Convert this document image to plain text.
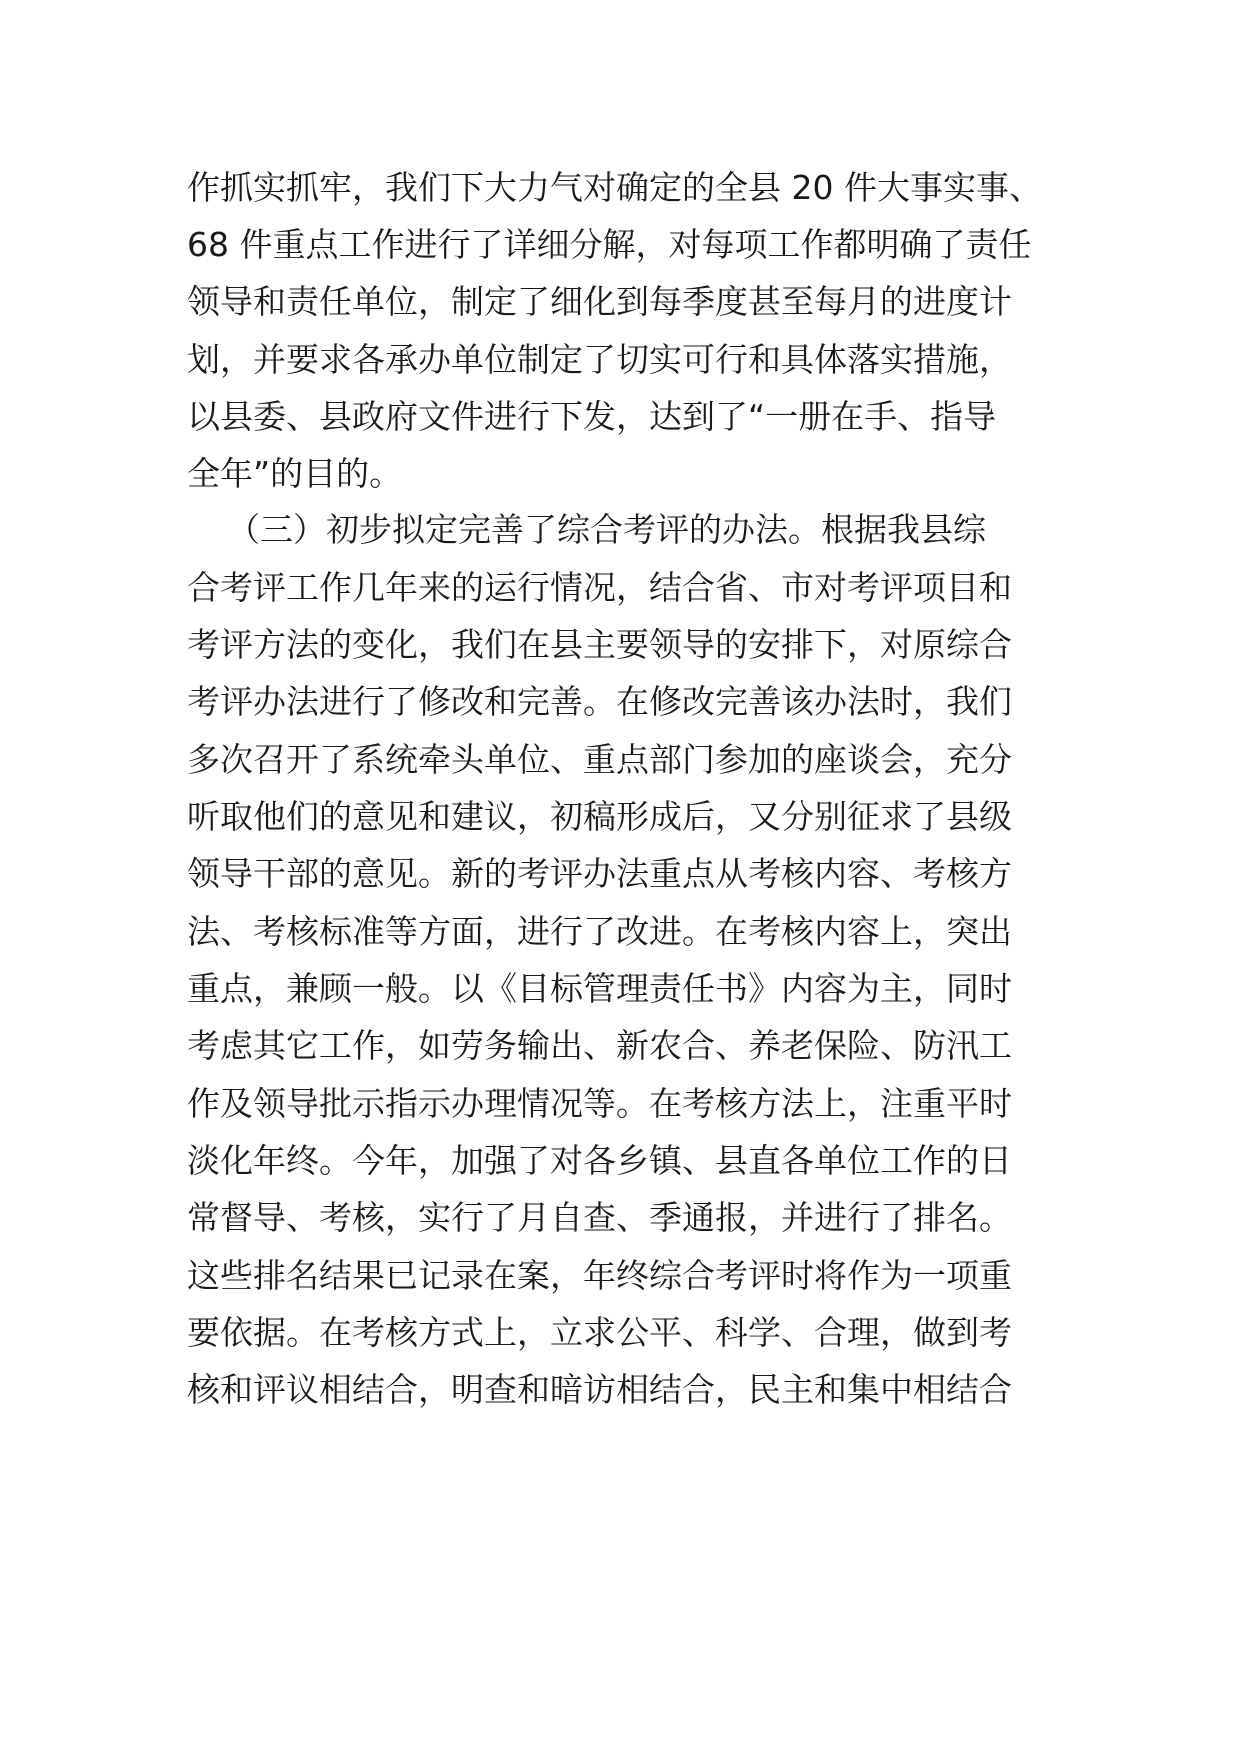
作抓实抓牢，我们下大力气对确定的全县 20 件大事实事、
68 件重点工作进行了详细分解，对每项工作都明确了责任
领导和责任单位，制定了细化到每季度甚至每月的进度计
划，并要求各承办单位制定了切实可行和具体落实措施，
以县委、县政府文件进行下发，达到了“一册在手、指导
全年”的目的。
（三）初步拟定完善了综合考评的办法。根据我县综
合考评工作几年来的运行情况，结合省、市对考评项目和
考评方法的变化，我们在县主要领导的安排下，对原综合
考评办法进行了修改和完善。在修改完善该办法时，我们
多次召开了系统牵头单位、重点部门参加的座谈会，充分
听取他们的意见和建议，初稿形成后，又分别征求了县级
领导干部的意见。新的考评办法重点从考核内容、考核方
法、考核标准等方面，进行了改进。在考核内容上，突出
重点，兼顾一般。以《目标管理责任书》内容为主，同时
考虑其它工作，如劳务输出、新农合、养老保险、防汛工
作及领导批示指示办理情况等。在考核方法上，注重平时
淡化年终。今年，加强了对各乡镇、县直各单位工作的日
常督导、考核，实行了月自查、季通报，并进行了排名。
这些排名结果已记录在案，年终综合考评时将作为一项重
要依据。在考核方式上，立求公平、科学、合理，做到考
核和评议相结合，明查和暗访相结合，民主和集中相结合
